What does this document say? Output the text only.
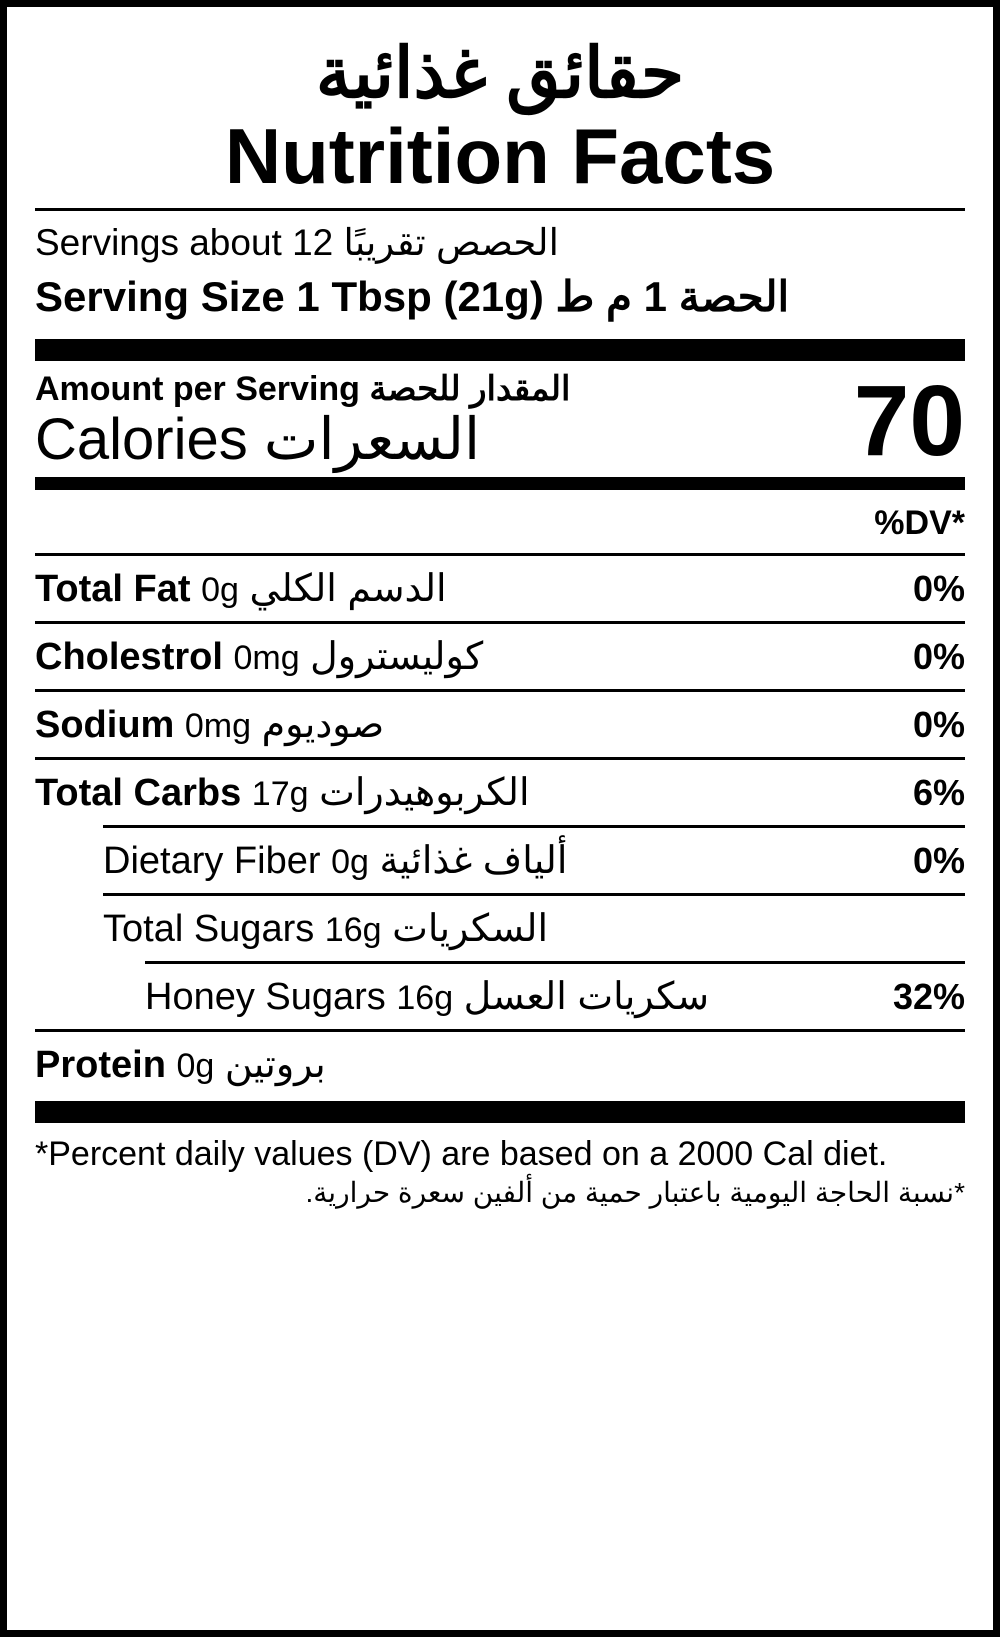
حقائق غذائية
Nutrition Facts
Servings about 12 الحصص تقريبًا
Serving Size 1 Tbsp (21g) الحصة 1 م ط
Amount per Serving المقدار للحصة
Calories السعرات	70
%DV*
Total Fat 0g الدسم الكلي	0%
Cholestrol 0mg كوليسترول	0%
Sodium 0mg صوديوم	0%
Total Carbs 17g الكربوهيدرات	6%
Dietary Fiber 0g ألياف غذائية	0%
Total Sugars 16g السكريات
Honey Sugars 16g سكريات العسل	32%
Protein 0g بروتين
*Percent daily values (DV) are based on a 2000 Cal diet.
*نسبة الحاجة اليومية باعتبار حمية من ألفين سعرة حرارية.
